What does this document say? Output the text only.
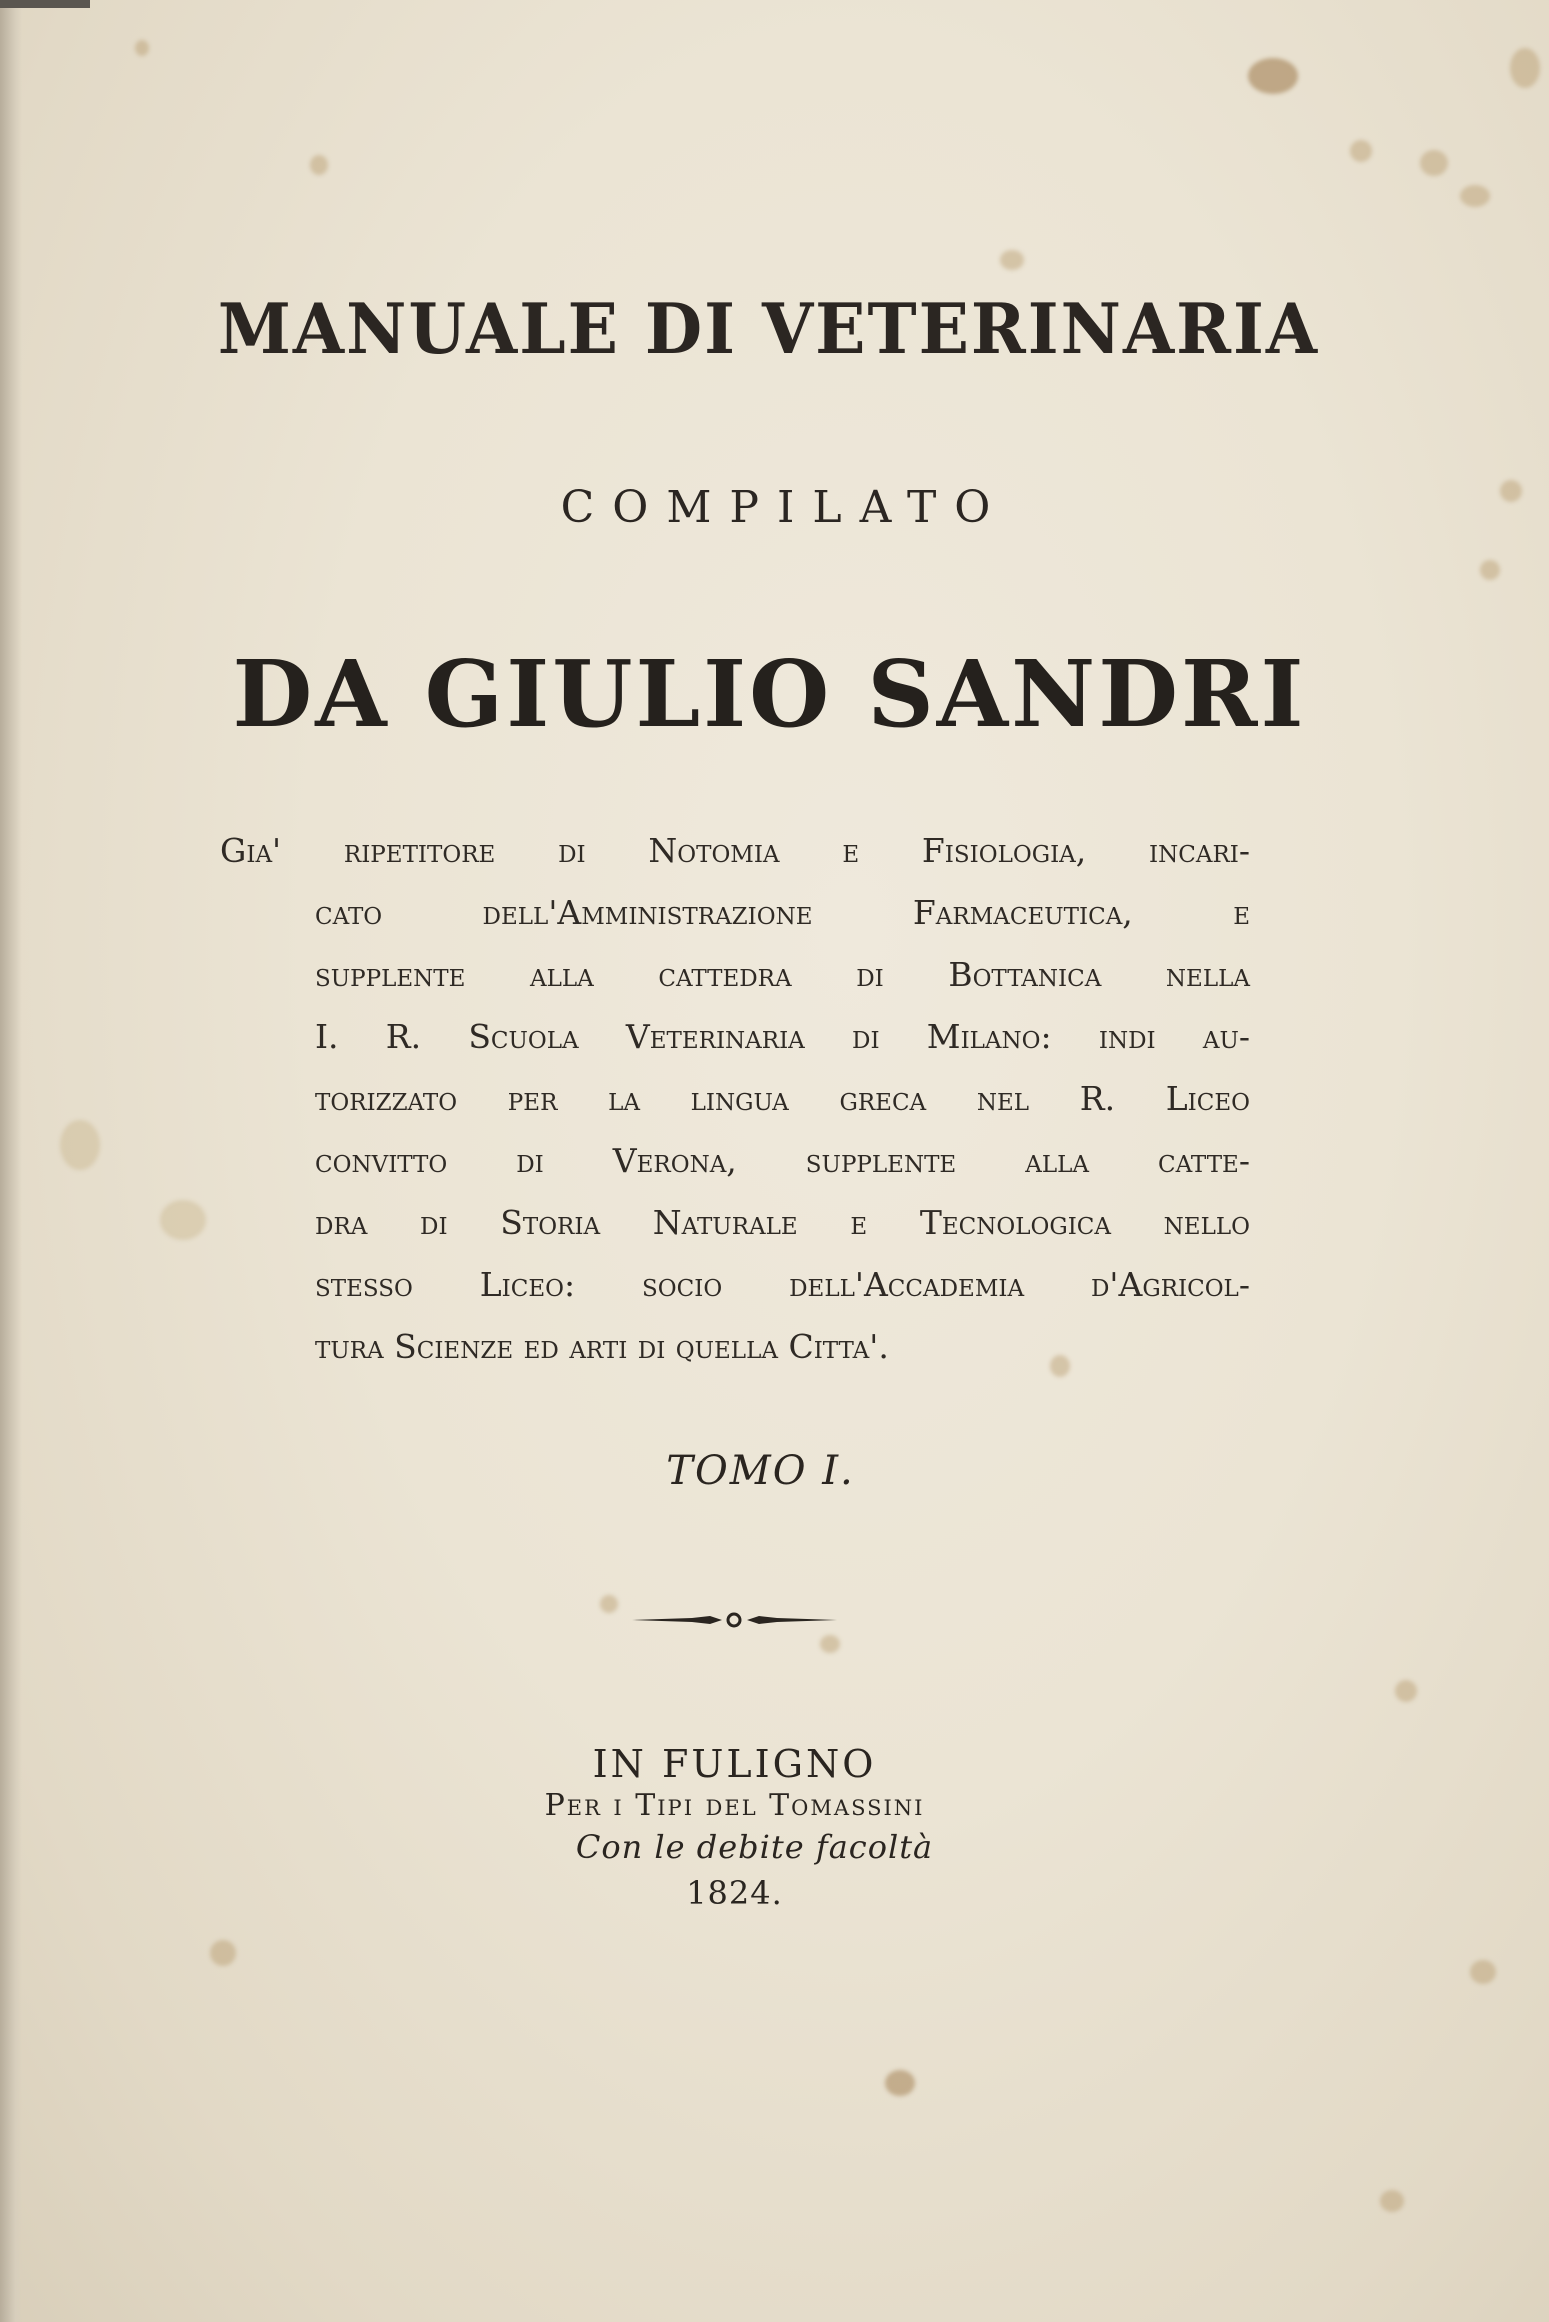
MANUALE DI VETERINARIA
COMPILATO
DA GIULIO SANDRI
Gia' ripetitore di Notomia e Fisiologia, incari-
cato dell'Amministrazione Farmaceutica, e
supplente alla cattedra di Bottanica nella
I. R. Scuola Veterinaria di Milano: indi au-
torizzato per la lingua greca nel R. Liceo
convitto di Verona, supplente alla catte-
dra di Storia Naturale e Tecnologica nello
stesso Liceo: socio dell'Accademia d'Agricol-
tura Scienze ed arti di quella Citta'.
TOMO I.
IN FULIGNO
Per i Tipi del Tomassini
Con le debite facoltà
1824.
